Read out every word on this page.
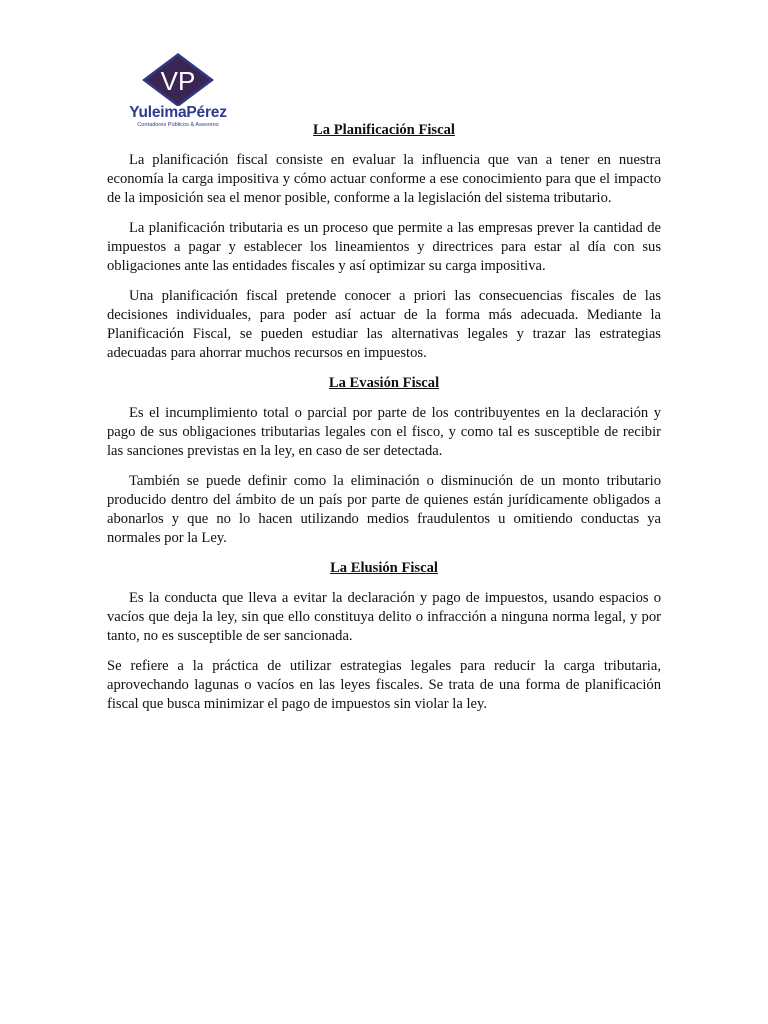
VP
YuleimaPérez
Contadores Públicos & Asesores	La Planificación Fiscal

La planificación fiscal consiste en evaluar la influencia que van a tener en nuestra economía la carga impositiva y cómo actuar conforme a ese conocimiento para que el impacto de la imposición sea el menor posible, conforme a la legislación del sistema tributario.

La planificación tributaria es un proceso que permite a las empresas prever la cantidad de impuestos a pagar y establecer los lineamientos y directrices para estar al día con sus obligaciones ante las entidades fiscales y así optimizar su carga impositiva.

Una planificación fiscal pretende conocer a priori las consecuencias fiscales de las decisiones individuales, para poder así actuar de la forma más adecuada. Mediante la Planificación Fiscal, se pueden estudiar las alternativas legales y trazar las estrategias adecuadas para ahorrar muchos recursos en impuestos.

La Evasión Fiscal

Es el incumplimiento total o parcial por parte de los contribuyentes en la declaración y pago de sus obligaciones tributarias legales con el fisco, y como tal es susceptible de recibir las sanciones previstas en la ley, en caso de ser detectada.

También se puede definir como la eliminación o disminución de un monto tributario producido dentro del ámbito de un país por parte de quienes están jurídicamente obligados a abonarlos y que no lo hacen utilizando medios fraudulentos u omitiendo conductas ya normales por la Ley.

La Elusión Fiscal

Es la conducta que lleva a evitar la declaración y pago de impuestos, usando espacios o vacíos que deja la ley, sin que ello constituya delito o infracción a ninguna norma legal, y por tanto, no es susceptible de ser sancionada.

Se refiere a la práctica de utilizar estrategias legales para reducir la carga tributaria, aprovechando lagunas o vacíos en las leyes fiscales. Se trata de una forma de planificación fiscal que busca minimizar el pago de impuestos sin violar la ley.
